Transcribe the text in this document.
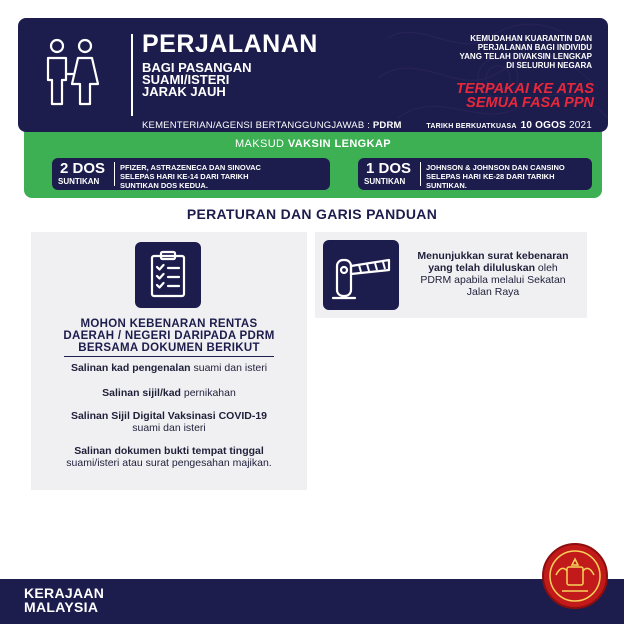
PERJALANAN
BAGI PASANGAN
SUAMI/ISTERI
JARAK JAUH
KEMENTERIAN/AGENSI BERTANGGUNGJAWAB : PDRM
KEMUDAHAN KUARANTIN DAN
PERJALANAN BAGI INDIVIDU
YANG TELAH DIVAKSIN LENGKAP
DI SELURUH NEGARA
TERPAKAI KE ATAS
SEMUA FASA PPN
TARIKH BERKUATKUASA 10 OGOS 2021
MAKSUD VAKSIN LENGKAP
2 DOS
SUNTIKAN
PFIZER, ASTRAZENECA DAN SINOVAC
SELEPAS HARI KE-14 DARI TARIKH
SUNTIKAN DOS KEDUA.
1 DOS
SUNTIKAN
JOHNSON & JOHNSON DAN CANSINO
SELEPAS HARI KE-28 DARI TARIKH
SUNTIKAN.
PERATURAN DAN GARIS PANDUAN
MOHON KEBENARAN RENTAS
DAERAH / NEGERI DARIPADA PDRM
BERSAMA DOKUMEN BERIKUT
Salinan kad pengenalan suami dan isteri
Salinan sijil/kad pernikahan
Salinan Sijil Digital Vaksinasi COVID-19
suami dan isteri
Salinan dokumen bukti tempat tinggal
suami/isteri atau surat pengesahan majikan.
Menunjukkan surat kebenaran
yang telah diluluskan oleh
PDRM apabila melalui Sekatan
Jalan Raya
KERAJAAN
MALAYSIA
